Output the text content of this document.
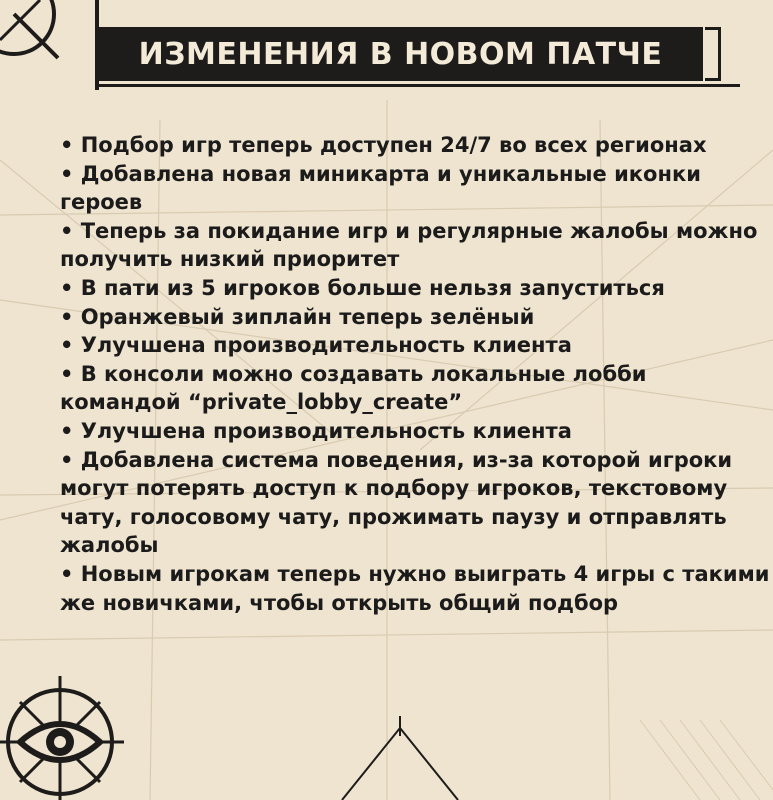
ИЗМЕНЕНИЯ В НОВОМ ПАТЧЕ

• Подбор игр теперь доступен 24/7 во всех регионах

• Добавлена новая миникарта и уникальные иконки героев

• Теперь за покидание игр и регулярные жалобы можно получить низкий приоритет

• В пати из 5 игроков больше нельзя запуститься

• Оранжевый зиплайн теперь зелёный

• Улучшена производительность клиента

• В консоли можно создавать локальные лобби командой “private_lobby_create”

• Улучшена производительность клиента

• Добавлена система поведения, из-за которой игроки могут потерять доступ к подбору игроков, текстовому чату, голосовому чату, прожимать паузу и отправлять жалобы

• Новым игрокам теперь нужно выиграть 4 игры с такими же новичками, чтобы открыть общий подбор
